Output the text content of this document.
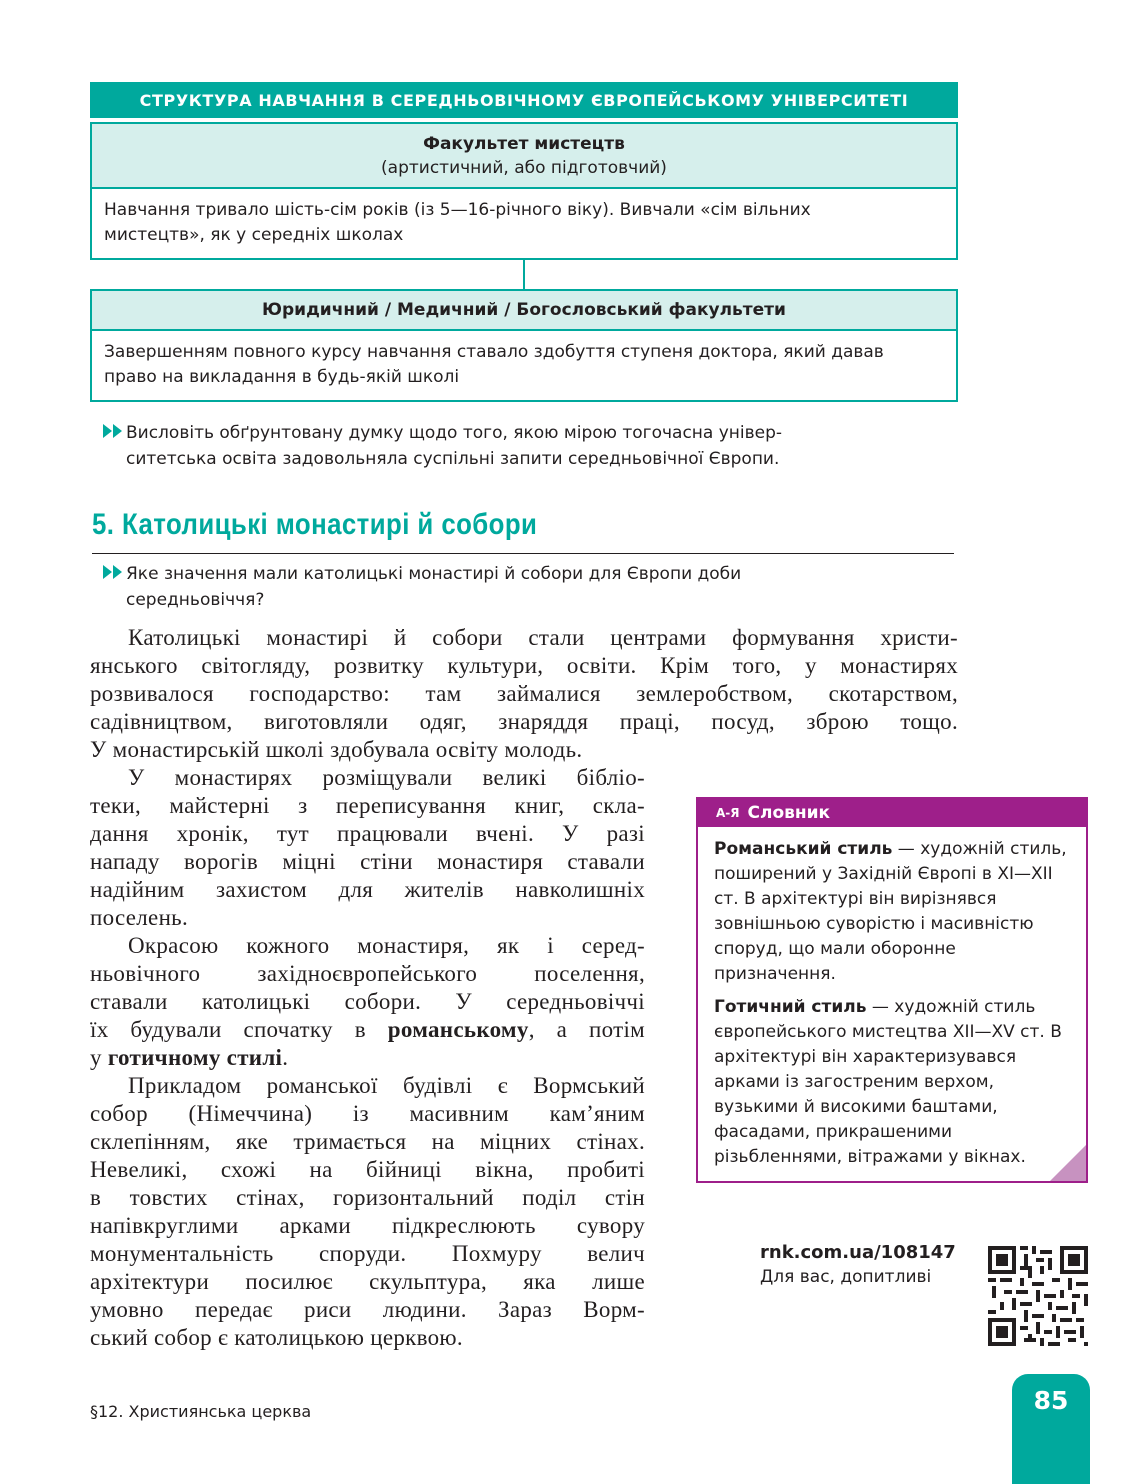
СТРУКТУРА НАВЧАННЯ В СЕРЕДНЬОВІЧНОМУ ЄВРОПЕЙСЬКОМУ УНІВЕРСИТЕТІ
Факультет мистецтв
(артистичний, або підготовчий)
Навчання тривало шість-сім років (із 5—16-річного віку). Вивчали «сім вільних
мистецтв», як у середніх школах
Юридичний / Медичний / Богословський факультети
Завершенням повного курсу навчання ставало здобуття ступеня доктора, який давав
право на викладання в будь-якій школі
Висловіть обґрунтовану думку щодо того, якою мірою тогочасна універ-
ситетська освіта задовольняла суспільні запити середньовічної Європи.
5. Католицькі монастирі й собори
Яке значення мали католицькі монастирі й собори для Європи доби
середньовіччя?
Католицькі монастирі й собори стали центрами формування христи-
янського світогляду, розвитку культури, освіти. Крім того, у монастирях
розвивалося господарство: там займалися землеробством, скотарством,
садівництвом, виготовляли одяг, знаряддя праці, посуд, зброю тощо.
У монастирській школі здобувала освіту молодь.
У монастирях розміщували великі бібліо-
теки, майстерні з переписування книг, скла-
дання хронік, тут працювали вчені. У разі
нападу ворогів міцні стіни монастиря ставали
надійним захистом для жителів навколишніх
поселень.
Окрасою кожного монастиря, як і серед-
ньовічного західноєвропейського поселення,
ставали католицькі собори. У середньовіччі
їх будували спочатку в романському, а потім
у готичному стилі.
Прикладом романської будівлі є Вормський
собор (Німеччина) із масивним кам’яним
склепінням, яке тримається на міцних стінах.
Невеликі, схожі на бійниці вікна, пробиті
в товстих стінах, горизонтальний поділ стін
напівкруглими арками підкреслюють сувору
монументальність споруди. Похмуру велич
архітектури посилює скульптура, яка лише
умовно передає риси людини. Зараз Ворм-
ський собор є католицькою церквою.
А-Я Словник

Романський стиль — художній стиль, поширений у Західній Європі в XI—XII ст. В архітектурі він вирізнявся зовнішньою суворістю і масивністю споруд, що мали оборонне призначення.

Готичний стиль — художній стиль європейського мистецтва XII—XV ст. В архітектурі він характеризувався арками із загостреним верхом, вузькими й високими баштами, фасадами, прикрашеними різьбленнями, вітражами у вікнах.

rnk.com.ua/108147
Для вас, допитливі
§12. Християнська церква	85
